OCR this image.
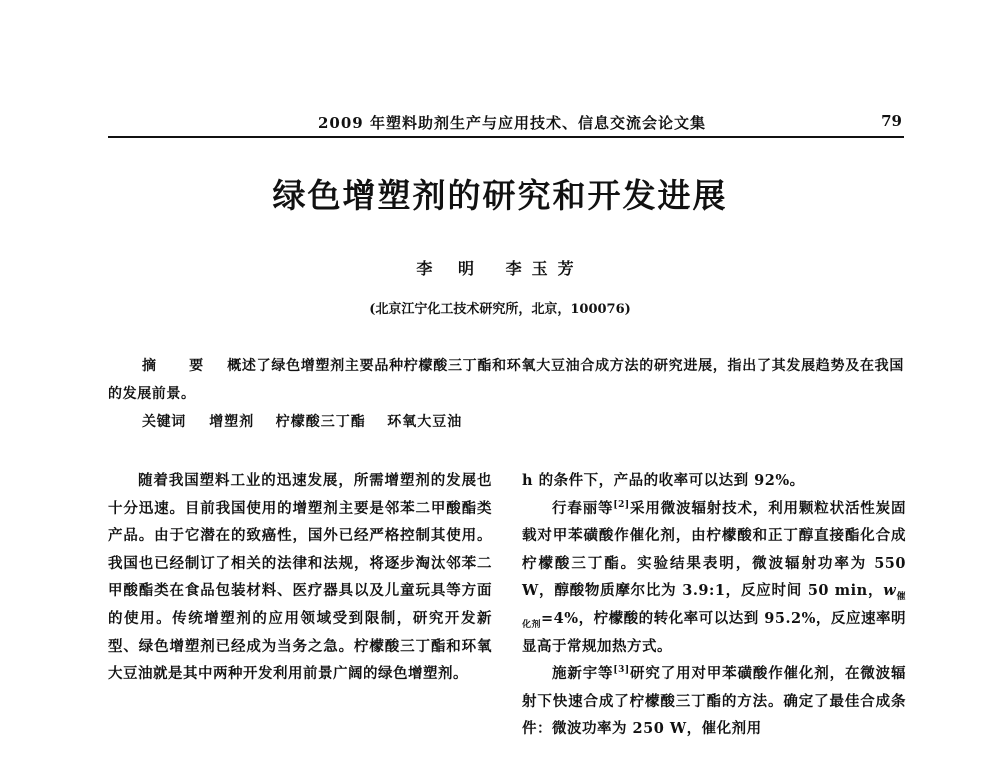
2009 年塑料助剂生产与应用技术、信息交流会论文集	79
绿色增塑剂的研究和开发进展
李 明 李玉芳
(北京江宁化工技术研究所，北京，100076)

摘 要 概述了绿色增塑剂主要品种柠檬酸三丁酯和环氧大豆油合成方法的研究进展，指出了其发展趋势及在我国的发展前景。

关键词 增塑剂 柠檬酸三丁酯 环氧大豆油

随着我国塑料工业的迅速发展，所需增塑剂的发展也十分迅速。目前我国使用的增塑剂主要是邻苯二甲酸酯类产品。由于它潜在的致癌性，国外已经严格控制其使用。我国也已经制订了相关的法律和法规，将逐步淘汰邻苯二甲酸酯类在食品包装材料、医疗器具以及儿童玩具等方面的使用。传统增塑剂的应用领域受到限制，研究开发新型、绿色增塑剂已经成为当务之急。柠檬酸三丁酯和环氧大豆油就是其中两种开发利用前景广阔的绿色增塑剂。

h 的条件下，产品的收率可以达到 92%。

行春丽等[2]采用微波辐射技术，利用颗粒状活性炭固载对甲苯磺酸作催化剂，由柠檬酸和正丁醇直接酯化合成柠檬酸三丁酯。实验结果表明，微波辐射功率为 550 W，醇酸物质摩尔比为 3.9:1，反应时间 50 min，$w_{催化剂}=4\%$，柠檬酸的转化率可以达到 95.2%，反应速率明显高于常规加热方式。

施新宇等[3]研究了用对甲苯磺酸作催化剂，在微波辐射下快速合成了柠檬酸三丁酯的方法。确定了最佳合成条件：微波功率为 250 W，催化剂用
